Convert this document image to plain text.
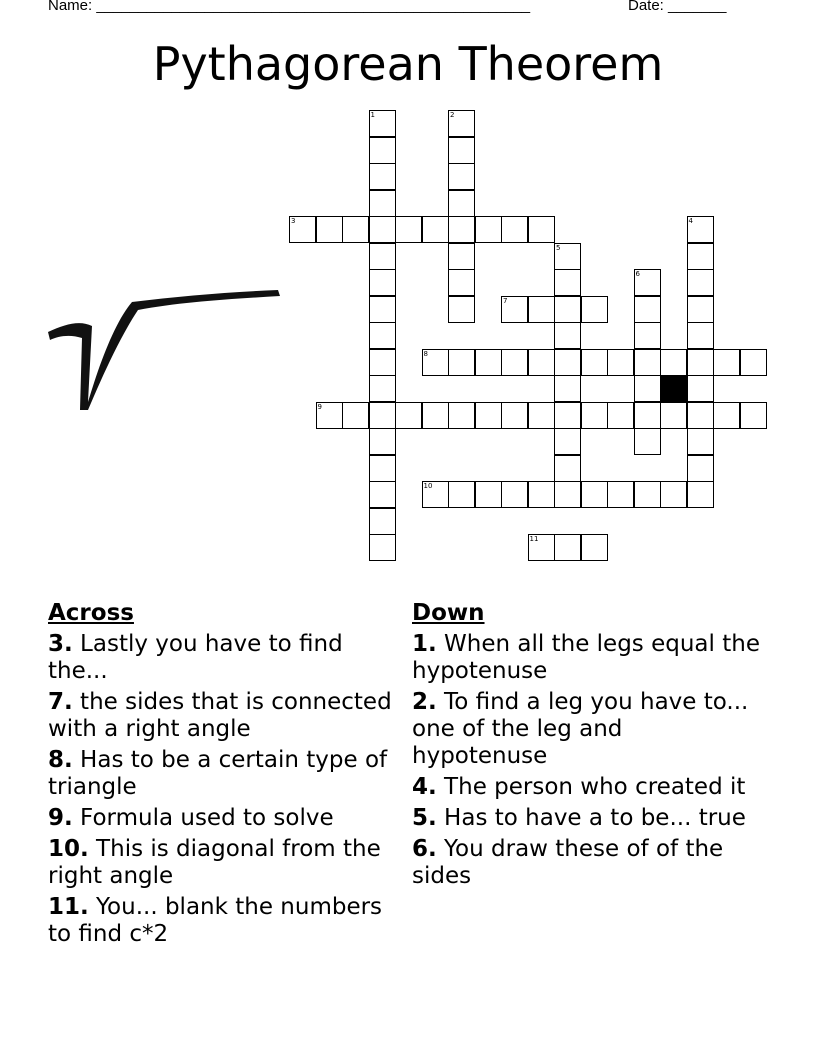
Name: ____________________________________________________	Date: _______
Pythagorean Theorem
1	2
3	4
5
6
7
8
9
10
11
Across
3. Lastly you have to find the...
7. the sides that is connected with a right angle
8. Has to be a certain type of triangle
9. Formula used to solve
10. This is diagonal from the right angle
11. You... blank the numbers to find c*2
Down
1. When all the legs equal the hypotenuse
2. To find a leg you have to... one of the leg and hypotenuse
4. The person who created it
5. Has to have a to be... true
6. You draw these of of the sides
